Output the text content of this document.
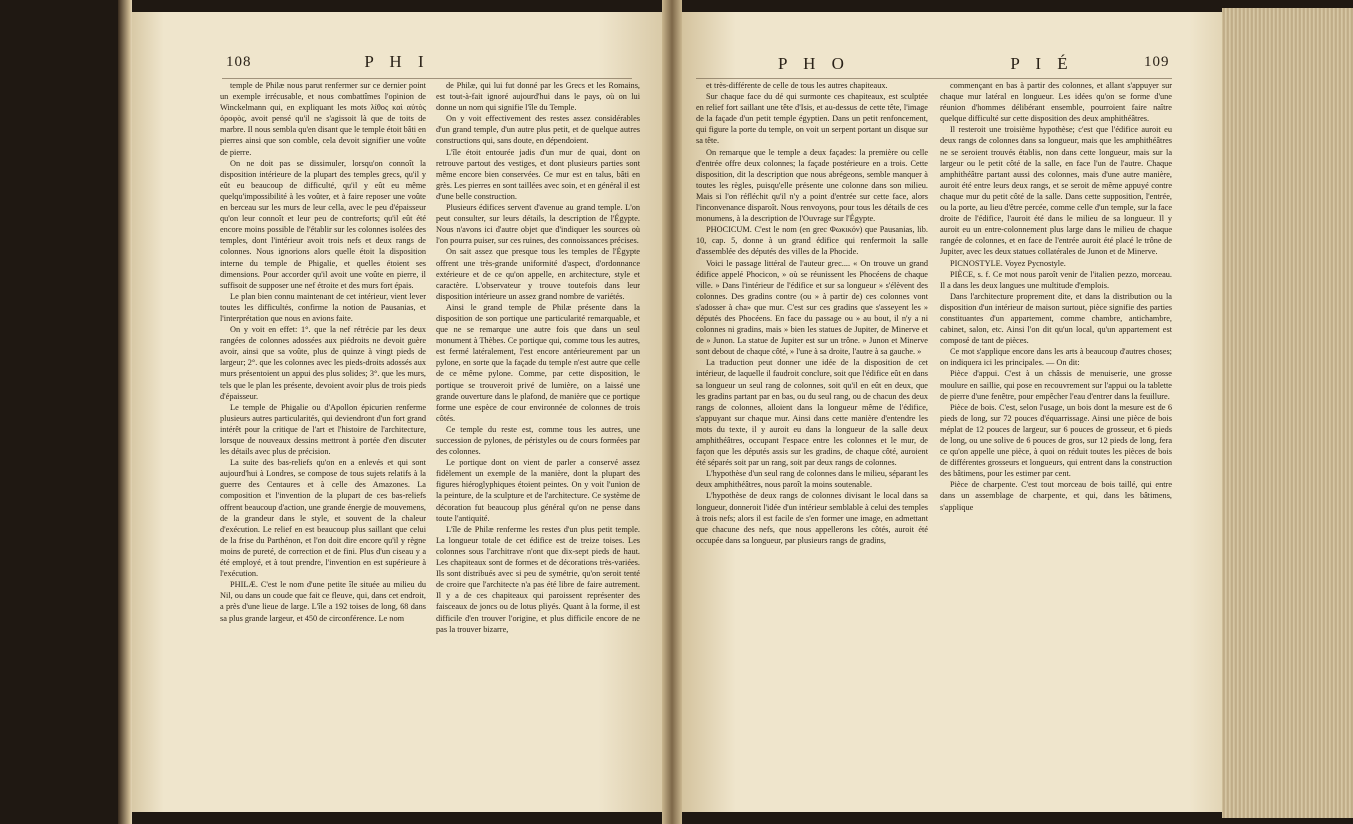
108	P H I

temple de Philæ nous parut renfermer sur ce dernier point un exemple irrécusable, et nous combattîmes l'opinion de Winckelmann qui, en expliquant les mots λίθος καὶ αὐτὸς ὀροφὸς, avoit pensé qu'il ne s'agissoit là que de toits de marbre. Il nous sembla qu'en disant que le temple étoit bâti en pierres ainsi que son comble, cela devoit signifier une voûte de pierre.

On ne doit pas se dissimuler, lorsqu'on connoît la disposition intérieure de la plupart des temples grecs, qu'il y eût eu beaucoup de difficulté, qu'il y eût eu même quelqu'impossibilité à les voûter, et à faire reposer une voûte en berceau sur les murs de leur cella, avec le peu d'épaisseur qu'on leur connoît et leur peu de contreforts; qu'il eût été encore moins possible de l'établir sur les colonnes isolées des temples, dont l'intérieur avoit trois nefs et deux rangs de colonnes. Nous ignorions alors quelle étoit la disposition interne du temple de Phigalie, et quelles étoient ses dimensions. Pour accorder qu'il avoit une voûte en pierre, il suffisoit de supposer une nef étroite et des murs fort épais.

Le plan bien connu maintenant de cet intérieur, vient lever toutes les difficultés, confirme la notion de Pausanias, et l'interprétation que nous en avions faite.

On y voit en effet: 1°. que la nef rétrécie par les deux rangées de colonnes adossées aux piédroits ne devoit guère avoir, ainsi que sa voûte, plus de quinze à vingt pieds de largeur; 2°. que les colonnes avec les pieds-droits adossés aux murs présentoient un appui des plus solides; 3°. que les murs, tels que le plan les présente, devoient avoir plus de trois pieds d'épaisseur.

Le temple de Phigalie ou d'Apollon épicurien renferme plusieurs autres particularités, qui deviendront d'un fort grand intérêt pour la critique de l'art et l'histoire de l'architecture, lorsque de nouveaux dessins mettront à portée d'en discuter les détails avec plus de précision.

La suite des bas-reliefs qu'on en a enlevés et qui sont aujourd'hui à Londres, se compose de tous sujets relatifs à la guerre des Centaures et à celle des Amazones. La composition et l'invention de la plupart de ces bas-reliefs offrent beaucoup d'action, une grande énergie de mouvemens, de la grandeur dans le style, et souvent de la chaleur d'exécution. Le relief en est beaucoup plus saillant que celui de la frise du Parthénon, et l'on doit dire encore qu'il y règne moins de pureté, de correction et de fini. Plus d'un ciseau y a été employé, et à tout prendre, l'invention en est supérieure à l'exécution.

PHILÆ. C'est le nom d'une petite île située au milieu du Nil, ou dans un coude que fait ce fleuve, qui, dans cet endroit, a près d'une lieue de large. L'île a 192 toises de long, 68 dans sa plus grande largeur, et 450 de circonférence. Le nom

de Philæ, qui lui fut donné par les Grecs et les Romains, est tout-à-fait ignoré aujourd'hui dans le pays, où on lui donne un nom qui signifie l'île du Temple.

On y voit effectivement des restes assez considérables d'un grand temple, d'un autre plus petit, et de quelque autres constructions qui, sans doute, en dépendoient.

L'île étoit entourée jadis d'un mur de quai, dont on retrouve partout des vestiges, et dont plusieurs parties sont même encore bien conservées. Ce mur est en talus, bâti en grès. Les pierres en sont taillées avec soin, et en général il est d'une belle construction.

Plusieurs édifices servent d'avenue au grand temple. L'on peut consulter, sur leurs détails, la description de l'Égypte. Nous n'avons ici d'autre objet que d'indiquer les sources où l'on pourra puiser, sur ces ruines, des connoissances précises.

On sait assez que presque tous les temples de l'Égypte offrent une très-grande uniformité d'aspect, d'ordonnance extérieure et de ce qu'on appelle, en architecture, style et caractère. L'observateur y trouve toutefois dans leur disposition intérieure un assez grand nombre de variétés.

Ainsi le grand temple de Philæ présente dans la disposition de son portique une particularité remarquable, et que ne se remarque une autre fois que dans un seul monument à Thèbes. Ce portique qui, comme tous les autres, est fermé latéralement, l'est encore antérieurement par un pylone, en sorte que la façade du temple n'est autre que celle de ce même pylone. Comme, par cette disposition, le portique se trouveroit privé de lumière, on a laissé une grande ouverture dans le plafond, de manière que ce portique forme une espèce de cour environnée de colonnes de trois côtés.

Ce temple du reste est, comme tous les autres, une succession de pylones, de péristyles ou de cours formées par des colonnes.

Le portique dont on vient de parler a conservé assez fidèlement un exemple de la manière, dont la plupart des figures hiéroglyphiques étoient peintes. On y voit l'union de la peinture, de la sculpture et de l'architecture. Ce système de décoration fut beaucoup plus général qu'on ne pense dans toute l'antiquité.

L'île de Philæ renferme les restes d'un plus petit temple. La longueur totale de cet édifice est de treize toises. Les colonnes sous l'architrave n'ont que dix-sept pieds de haut. Les chapiteaux sont de formes et de décorations très-variées. Ils sont distribués avec si peu de symétrie, qu'on seroit tenté de croire que l'architecte n'a pas été libre de faire autrement. Il y a de ces chapiteaux qui paroissent représenter des faisceaux de joncs ou de lotus pliyés. Quant à la forme, il est difficile d'en trouver l'origine, et plus difficile encore de ne pas la trouver bizarre,

P H O	P I É	109

et très-différente de celle de tous les autres chapiteaux.

Sur chaque face du dé qui surmonte ces chapiteaux, est sculptée en relief fort saillant une tête d'Isis, et au-dessus de cette tête, l'image de la façade d'un petit temple égyptien. Dans un petit renfoncement, qui figure la porte du temple, on voit un serpent portant un disque sur sa tête.

On remarque que le temple a deux façades: la première ou celle d'entrée offre deux colonnes; la façade postérieure en a trois. Cette disposition, dit la description que nous abrégeons, semble manquer à toutes les règles, puisqu'elle présente une colonne dans son milieu. Mais si l'on réfléchit qu'il n'y a point d'entrée sur cette face, alors l'inconvenance disparoît. Nous renvoyons, pour tous les détails de ces monumens, à la description de l'Ouvrage sur l'Égypte.

PHOCICUM. C'est le nom (en grec Φωκικόν) que Pausanias, lib. 10, cap. 5, donne à un grand édifice qui renfermoit la salle d'assemblée des députés des villes de la Phocide.

Voici le passage littéral de l'auteur grec.... « On trouve un grand édifice appelé Phocicon, » où se réunissent les Phocéens de chaque ville. » Dans l'intérieur de l'édifice et sur sa longueur » s'élèvent des colonnes. Des gradins contre (ou » à partir de) ces colonnes vont s'adosser à cha» que mur. C'est sur ces gradins que s'asseyent les » députés des Phocéens. En face du passage ou » au bout, il n'y a ni colonnes ni gradins, mais » bien les statues de Jupiter, de Minerve et de » Junon. La statue de Jupiter est sur un trône. » Junon et Minerve sont debout de chaque côté, » l'une à sa droite, l'autre à sa gauche. »

La traduction peut donner une idée de la disposition de cet intérieur, de laquelle il faudroit conclure, soit que l'édifice eût en dans sa longueur un seul rang de colonnes, soit qu'il en eût en deux, que les gradins partant par en bas, ou du seul rang, ou de chacun des deux rangs de colonnes, alloient dans la longueur même de l'édifice, s'appuyant sur chaque mur. Ainsi dans cette manière d'entendre les mots du texte, il y auroit eu dans la longueur de la salle deux amphithéâtres, occupant l'espace entre les colonnes et le mur, de façon que les députés assis sur les gradins, de chaque côté, auroient été séparés soit par un rang, soit par deux rangs de colonnes.

L'hypothèse d'un seul rang de colonnes dans le milieu, séparant les deux amphithéâtres, nous paroît la moins soutenable.

L'hypothèse de deux rangs de colonnes divisant le local dans sa longueur, donneroit l'idée d'un intérieur semblable à celui des temples à trois nefs; alors il est facile de s'en former une image, en admettant que chacune des nefs, que nous appellerons les côtés, auroit été occupée dans sa longueur, par plusieurs rangs de gradins,

commençant en bas à partir des colonnes, et allant s'appuyer sur chaque mur latéral en longueur. Les idées qu'on se forme d'une réunion d'hommes délibérant ensemble, pourroient faire naître quelque difficulté sur cette disposition des deux amphithéâtres.

Il resteroit une troisième hypothèse; c'est que l'édifice auroit eu deux rangs de colonnes dans sa longueur, mais que les amphithéâtres ne se seroient trouvés établis, non dans cette longueur, mais sur la largeur ou le petit côté de la salle, en face l'un de l'autre. Chaque amphithéâtre partant aussi des colonnes, mais d'une autre manière, auroit été entre leurs deux rangs, et se seroit de même appuyé contre chaque mur du petit côté de la salle. Dans cette supposition, l'entrée, ou la porte, au lieu d'être percée, comme celle d'un temple, sur la face droite de l'édifice, l'auroit été dans le milieu de sa longueur. Il y auroit eu un entre-colonnement plus large dans le milieu de chaque rangée de colonnes, et en face de l'entrée auroit été placé le trône de Jupiter, avec les deux statues collatérales de Junon et de Minerve.

PICNOSTYLE. Voyez Pycnostyle.

PIÈCE, s. f. Ce mot nous paroît venir de l'italien pezzo, morceau. Il a dans les deux langues une multitude d'emplois.

Dans l'architecture proprement dite, et dans la distribution ou la disposition d'un intérieur de maison surtout, pièce signifie des parties constituantes d'un appartement, comme chambre, antichambre, cabinet, salon, etc. Ainsi l'on dit qu'un local, qu'un appartement est composé de tant de pièces.

Ce mot s'applique encore dans les arts à beaucoup d'autres choses; on indiquera ici les principales. — On dit:

Pièce d'appui. C'est à un châssis de menuiserie, une grosse moulure en saillie, qui pose en recouvrement sur l'appui ou la tablette de pierre d'une fenêtre, pour empêcher l'eau d'entrer dans la feuillure.

Pièce de bois. C'est, selon l'usage, un bois dont la mesure est de 6 pieds de long, sur 72 pouces d'équarrissage. Ainsi une pièce de bois méplat de 12 pouces de largeur, sur 6 pouces de grosseur, et 6 pieds de long, ou une solive de 6 pouces de gros, sur 12 pieds de long, fera ce qu'on appelle une pièce, à quoi on réduit toutes les pièces de bois de différentes grosseurs et longueurs, qui entrent dans la construction des bâtimens, pour les estimer par cent.

Pièce de charpente. C'est tout morceau de bois taillé, qui entre dans un assemblage de charpente, et qui, dans les bâtimens, s'applique
